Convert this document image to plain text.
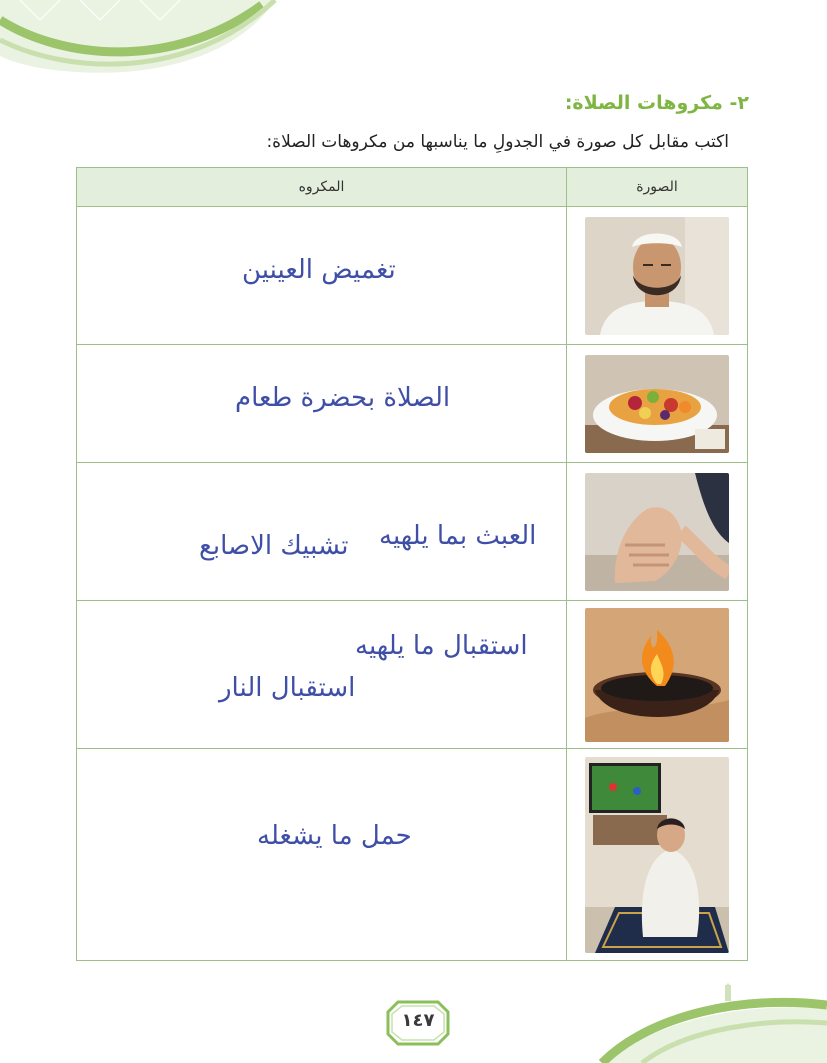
٢- مكروهات الصلاة:
اكتب مقابل كل صورة في الجدولِ ما يناسبها من مكروهات الصلاة:
الصورة	المكروه

تغميض العينين

الصلاة بحضرة طعام

العبث بما يلهيه
تشبيك الاصابع

استقبال ما يلهيه
استقبال النار

حمل ما يشغله
١٤٧
